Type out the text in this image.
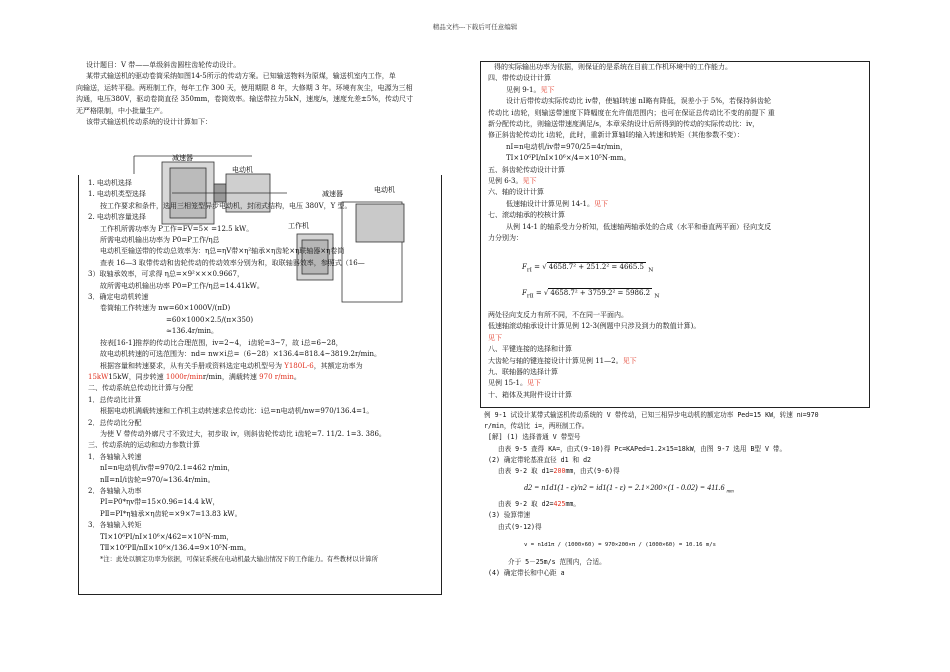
精品文档---下载后可任意编辑
设计题目：V 带——单级斜齿圆柱齿轮传动设计。
某带式输送机的驱动卷筒采纳如图14-5所示的传动方案。已知输送物料为原煤，输送机室内工作，单
向输送，运转平稳。两班制工作，每年工作 300 天，使用期限 8 年，大修期 3 年。环境有灰尘，电源为三相
沟通，电压380V，驱动卷筒直径 350mm，卷筒效率。输送带拉力5kN，速度/s，速度允差±5%，传动尺寸
无严格限制，中小批量生产。
该带式输送机传动系统的设计计算如下：
减速器
电动机
工作机
减速器	电动机
1. 电动机选择
1. 电动机类型选择
按工作要求和条件，选用三相笼型异步电动机，封闭式结构，电压 380V，Y 型。
2. 电动机容量选择
工作机所需功率为 P工作=FV=5× =12.5 kW。
所需电动机输出功率为 P0=P工作/η总
电动机至输送带的传动总效率为：η总=ηV带×η²轴承×η齿轮×η联轴器×η卷筒
查表 16—3 取带传动和齿轮传动的传动效率分别为和，取联轴器效率，参照式（16—
3）取轴承效率，可求得 η总=×9²×××0.9667，
故所需电动机输出功率 P0=P工作/η总=14.41kW。
3．确定电动机转速
卷筒轴工作转速为 nw=60×1000V/(πD)
=60×1000×2.5/(π×350)
≈136.4r/min。
按表[16-1]推荐的传动比合理范围，iv=2~4， i齿轮=3~7，故 i总=6~28，
故电动机转速的可选范围为：nd= nw×i总=（6~28）×136.4=818.4~3819.2r/min。
根据容量和转速要求，从有关手册或资料选定电动机型号为 Y180L-6，其额定功率为
15kW15kW，同步转速 1000r/minr/min，满载转速 970 r/min。
二、传动系统总传动比计算与分配
1．总传动比计算
根据电动机满载转速和工作机主动转速求总传动比：i总=n电动机/nw=970/136.4=1。
2．总传动比分配
为使 V 带传动外廓尺寸不致过大，初步取 iv，则斜齿轮传动比 i齿轮=7. 11/2. 1=3. 386。
三、传动系统的运动和动力参数计算
1．各轴输入转速
nⅠ=n电动机/iv带=970/2.1=462 r/min，
nⅡ=nⅠ/i齿轮=970/≈136.4r/min。
2．各轴输入功率
PⅠ=P0*ηv带=15×0.96=14.4 kW，
PⅡ=PⅠ*η轴承×η齿轮=×9×7=13.83 kW。
3．各轴输入转矩
TⅠ×10⁶PⅠ/nⅠ×10⁶×/462=×10⁵N·mm，
TⅡ×10⁶PⅡ/nⅡ×10⁶×/136.4=9×10⁵N·mm。
*注：此处以额定功率为依据，可保证系统在电动机最大输出情况下的工作能力。有些教材以计算所
得的实际输出功率为依据，则保证的是系统在目前工作机环境中的工作能力。
四、带传动设计计算
见例 9-1。见下
设计后带传动实际传动比 iv带，使轴Ⅰ转速 nⅠ略有降低，误差小于 5%，若保持斜齿轮
传动比 i齿轮，则输送带速度下降幅度在允许值范围内；也可在保证总传动比不变的前提下 重
新分配传动比，则输送带速度满足/s，本章采纳设计后所得到的传动的实际传动比：iv，
修正斜齿轮传动比 i齿轮，此时，重新计算轴Ⅰ的输入转速和转矩（其他参数不变）：
nⅠ=n电动机/iv带=970/25=4r/min，
TⅠ×10⁶PⅠ/nⅠ×10⁶×/4=×10⁵N·mm。
五、斜齿轮传动设计计算
见例 6-3。见下
六、轴的设计计算
低速轴设计计算见例 14-1。见下
七、滚动轴承的校核计算
从例 14-1 的轴系受力分析知，低速轴两轴承处的合成（水平和垂直两平面）径向支反
力分别为：
$F_{rⅠ}$ = √ 4658.7² + 251.2² = 4665.5 $_N$
$F_{rⅡ}$ = √ 4658.7² + 3759.2² = 5986.2 $_N$
两处径向支反力有所不同，不在同一平面内。
低速轴滚动轴承设计计算见例 12-3(例题中只涉及到力的数值计算)。
见下
八、平键连接的选择和计算
大齿轮与轴的键连接设计计算见例 11—2。见下
九、联轴器的选择计算
见例 15-1。见下
十、箱体及其附件设计计算
例 9-1 试设计某带式输送机传动系统的 V 带传动，已知三相异步电动机的额定功率 Ped=15 KW，转速 nⅠ=970
r/min，传动比 i=，两班制工作。
[解] (1) 选择普通 V 带型号
由表 9-5 查得 KA=，由式(9-10)得 Pc=KAPed=1.2×15=18kW，由图 9-7 选用 B型 V 带。
(2) 确定带轮基准直径 d1 和 d2
由表 9-2 取 d1=200mm，由式(9-6)得
d2 = n1d1(1 - ε)/n2 = id1(1 - ε) = 2.1×200×(1 - 0.02) = 411.6 $_{mm}$
由表 9-2 取 d2=425mm。
(3) 验算带速
由式(9-12)得
v = n1d1π / (1000×60) = 970×200×π / (1000×60) = 10.16 m/s
介于 5－25m/s 范围内，合适。
(4) 确定带长和中心距 a
